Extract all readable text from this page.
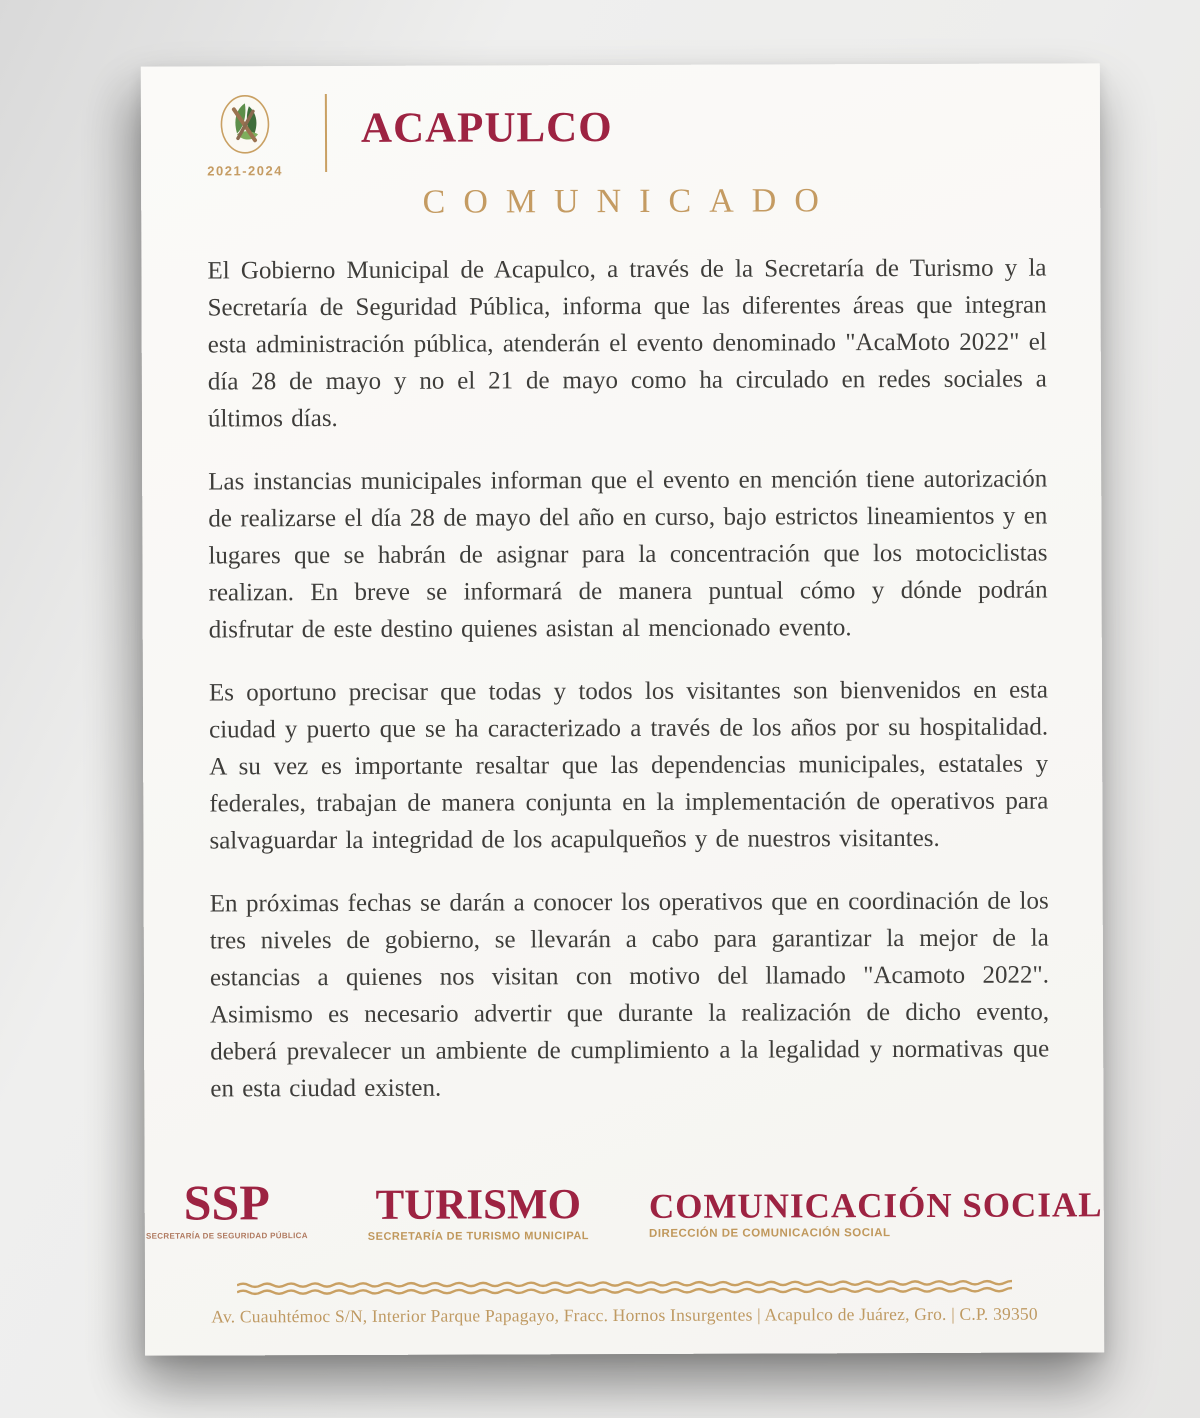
2021-2024
ACAPULCO
COMUNICADO

El Gobierno Municipal de Acapulco, a través de la Secretaría de Turismo y la Secretaría de Seguridad Pública, informa que las diferentes áreas que integran esta administración pública, atenderán el evento denominado "AcaMoto 2022" el día 28 de mayo y no el 21 de mayo como ha circulado en redes sociales a últimos días.

Las instancias municipales informan que el evento en mención tiene autorización de realizarse el día 28 de mayo del año en curso, bajo estrictos lineamientos y en lugares que se habrán de asignar para la concentración que los motociclistas realizan. En breve se informará de manera puntual cómo y dónde podrán disfrutar de este destino quienes asistan al mencionado evento.

Es oportuno precisar que todas y todos los visitantes son bienvenidos en esta ciudad y puerto que se ha caracterizado a través de los años por su hospitalidad. A su vez es importante resaltar que las dependencias municipales, estatales y federales, trabajan de manera conjunta en la implementación de operativos para salvaguardar la integridad de los acapulqueños y de nuestros visitantes.

En próximas fechas se darán a conocer los operativos que en coordinación de los tres niveles de gobierno, se llevarán a cabo para garantizar la mejor de la estancias a quienes nos visitan con motivo del llamado "Acamoto 2022". Asimismo es necesario advertir que durante la realización de dicho evento, deberá prevalecer un ambiente de cumplimiento a la legalidad y normativas que en esta ciudad existen.

SSP
SECRETARÍA DE SEGURIDAD PÚBLICA
TURISMO
SECRETARÍA DE TURISMO MUNICIPAL
COMUNICACIÓN SOCIAL
DIRECCIÓN DE COMUNICACIÓN SOCIAL
Av. Cuauhtémoc S/N, Interior Parque Papagayo, Fracc. Hornos Insurgentes | Acapulco de Juárez, Gro. | C.P. 39350
